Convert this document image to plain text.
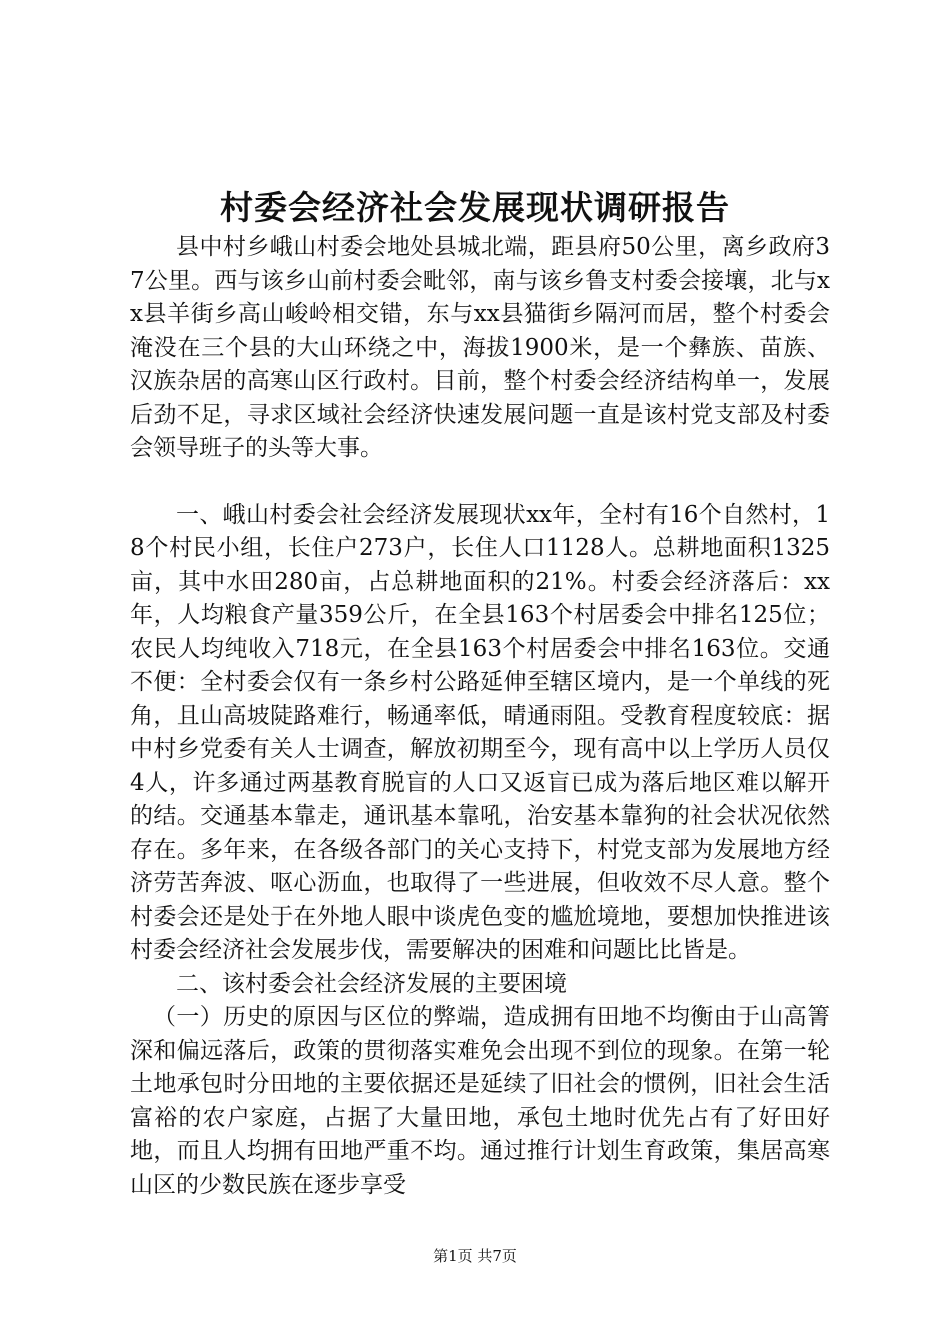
村委会经济社会发展现状调研报告

县中村乡峨山村委会地处县城北端，距县府50公里，离乡政府37公里。西与该乡山前村委会毗邻，南与该乡鲁支村委会接壤，北与xx县羊街乡高山峻岭相交错，东与xx县猫街乡隔河而居，整个村委会淹没在三个县的大山环绕之中，海拔1900米，是一个彝族、苗族、汉族杂居的高寒山区行政村。目前，整个村委会经济结构单一，发展后劲不足，寻求区域社会经济快速发展问题一直是该村党支部及村委会领导班子的头等大事。

一、峨山村委会社会经济发展现状xx年，全村有16个自然村，18个村民小组，长住户273户，长住人口1128人。总耕地面积1325亩，其中水田280亩，占总耕地面积的21%。村委会经济落后：xx年，人均粮食产量359公斤，在全县163个村居委会中排名125位；农民人均纯收入718元，在全县163个村居委会中排名163位。交通不便：全村委会仅有一条乡村公路延伸至辖区境内，是一个单线的死角，且山高坡陡路难行，畅通率低，晴通雨阻。受教育程度较底：据中村乡党委有关人士调查，解放初期至今，现有高中以上学历人员仅4人，许多通过两基教育脱盲的人口又返盲已成为落后地区难以解开的结。交通基本靠走，通讯基本靠吼，治安基本靠狗的社会状况依然存在。多年来，在各级各部门的关心支持下，村党支部为发展地方经济劳苦奔波、呕心沥血，也取得了一些进展，但收效不尽人意。整个村委会还是处于在外地人眼中谈虎色变的尴尬境地，要想加快推进该村委会经济社会发展步伐，需要解决的困难和问题比比皆是。

二、该村委会社会经济发展的主要困境

（一）历史的原因与区位的弊端，造成拥有田地不均衡由于山高箐深和偏远落后，政策的贯彻落实难免会出现不到位的现象。在第一轮土地承包时分田地的主要依据还是延续了旧社会的惯例，旧社会生活富裕的农户家庭，占据了大量田地，承包土地时优先占有了好田好地，而且人均拥有田地严重不均。通过推行计划生育政策，集居高寒山区的少数民族在逐步享受

第1页 共7页
